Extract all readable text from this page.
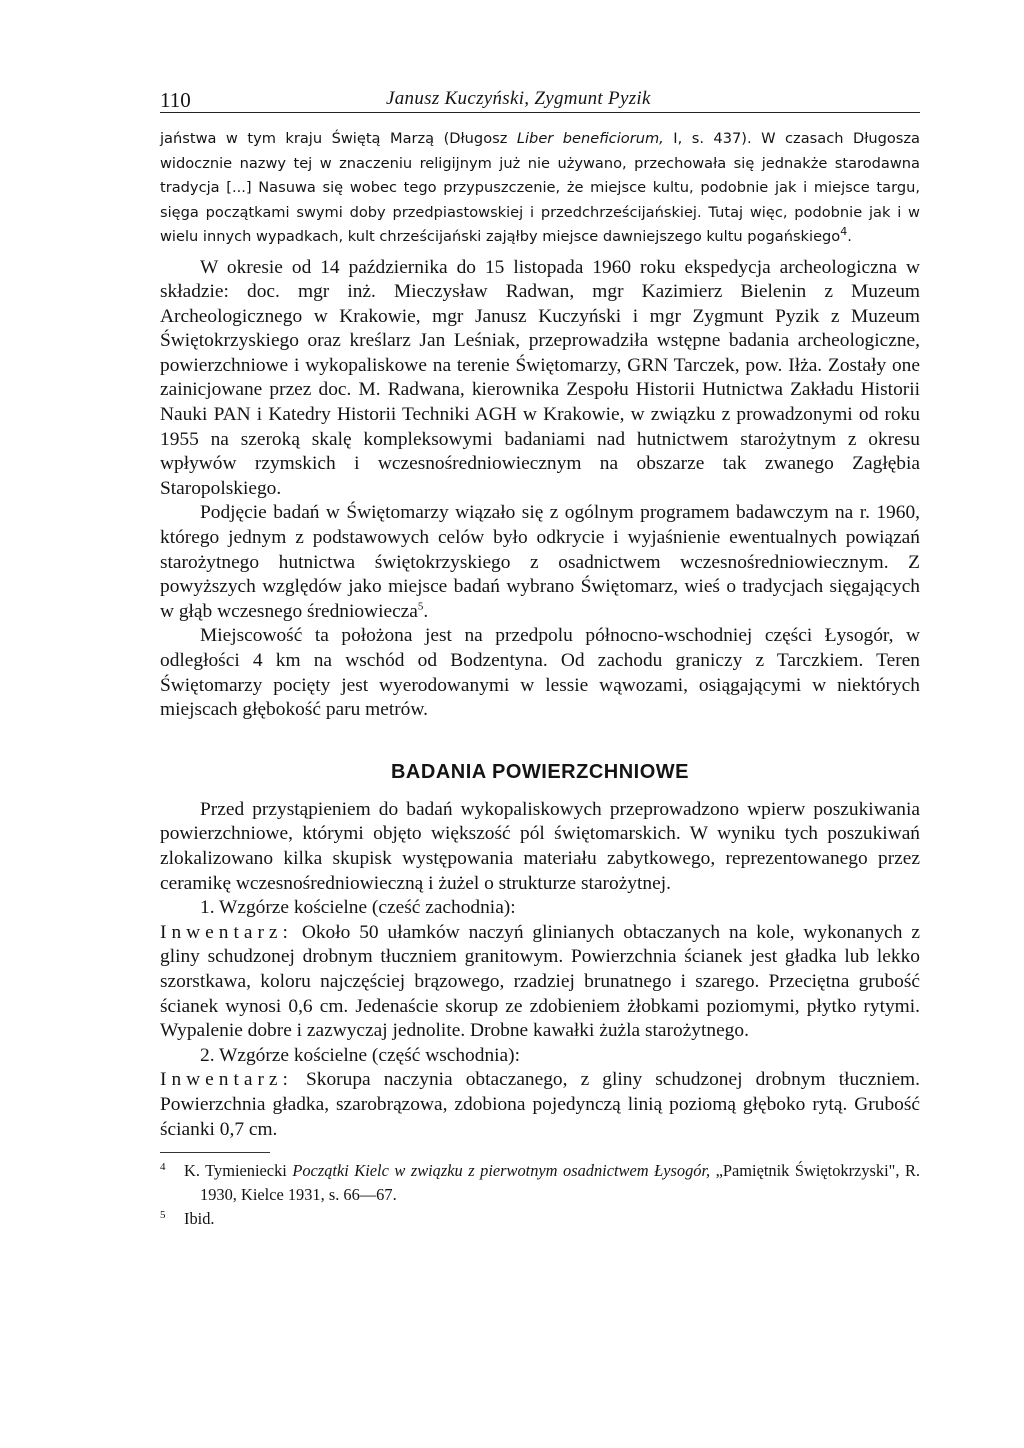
110	Janusz Kuczyński, Zygmunt Pyzik

jaństwa w tym kraju Świętą Marzą (Długosz Liber beneficiorum, I, s. 437). W czasach Długosza widocznie nazwy tej w znaczeniu religijnym już nie używano, przechowała się jednakże starodawna tradycja [...] Nasuwa się wobec tego przypuszczenie, że miejsce kultu, podobnie jak i miejsce targu, sięga początkami swymi doby przedpiastowskiej i przedchrześcijańskiej. Tutaj więc, podobnie jak i w wielu innych wypadkach, kult chrześcijański zająłby miejsce dawniejszego kultu pogańskiego$^4$.

W okresie od 14 października do 15 listopada 1960 roku ekspedycja archeologiczna w składzie: doc. mgr inż. Mieczysław Radwan, mgr Kazimierz Bielenin z Muzeum Archeologicznego w Krakowie, mgr Janusz Kuczyński i mgr Zygmunt Pyzik z Muzeum Świętokrzyskiego oraz kreślarz Jan Leśniak, przeprowadziła wstępne badania archeologiczne, powierzchniowe i wykopaliskowe na terenie Świętomarzy, GRN Tarczek, pow. Iłża. Zostały one zainicjowane przez doc. M. Radwana, kierownika Zespołu Historii Hutnictwa Zakładu Historii Nauki PAN i Katedry Historii Techniki AGH w Krakowie, w związku z prowadzonymi od roku 1955 na szeroką skalę kompleksowymi badaniami nad hutnictwem starożytnym z okresu wpływów rzymskich i wczesnośredniowiecznym na obszarze tak zwanego Zagłębia Staropolskiego.

Podjęcie badań w Świętomarzy wiązało się z ogólnym programem badawczym na r. 1960, którego jednym z podstawowych celów było odkrycie i wyjaśnienie ewentualnych powiązań starożytnego hutnictwa świętokrzyskiego z osadnictwem wczesnośredniowiecznym. Z powyższych względów jako miejsce badań wybrano Świętomarz, wieś o tradycjach sięgających w głąb wczesnego średniowiecza$^5$.

Miejscowość ta położona jest na przedpolu północno-wschodniej części Łysogór, w odległości 4 km na wschód od Bodzentyna. Od zachodu graniczy z Tarczkiem. Teren Świętomarzy pocięty jest wyerodowanymi w lessie wąwozami, osiągającymi w niektórych miejscach głębokość paru metrów.

BADANIA POWIERZCHNIOWE

Przed przystąpieniem do badań wykopaliskowych przeprowadzono wpierw poszukiwania powierzchniowe, którymi objęto większość pól świętomarskich. W wyniku tych poszukiwań zlokalizowano kilka skupisk występowania materiału zabytkowego, reprezentowanego przez ceramikę wczesnośredniowieczną i żużel o strukturze starożytnej.

1. Wzgórze kościelne (cześć zachodnia):

Inwentarz: Około 50 ułamków naczyń glinianych obtaczanych na kole, wykonanych z gliny schudzonej drobnym tłuczniem granitowym. Powierzchnia ścianek jest gładka lub lekko szorstkawa, koloru najczęściej brązowego, rzadziej brunatnego i szarego. Przeciętna grubość ścianek wynosi 0,6 cm. Jedenaście skorup ze zdobieniem żłobkami poziomymi, płytko rytymi. Wypalenie dobre i zazwyczaj jednolite. Drobne kawałki żużla starożytnego.

2. Wzgórze kościelne (część wschodnia):

Inwentarz: Skorupa naczynia obtaczanego, z gliny schudzonej drobnym tłuczniem. Powierzchnia gładka, szarobrązowa, zdobiona pojedynczą linią poziomą głęboko rytą. Grubość ścianki 0,7 cm.

4 K. Tymieniecki Początki Kielc w związku z pierwotnym osadnictwem Łysogór, „Pamiętnik Świętokrzyski", R. 1930, Kielce 1931, s. 66—67.

5 Ibid.
